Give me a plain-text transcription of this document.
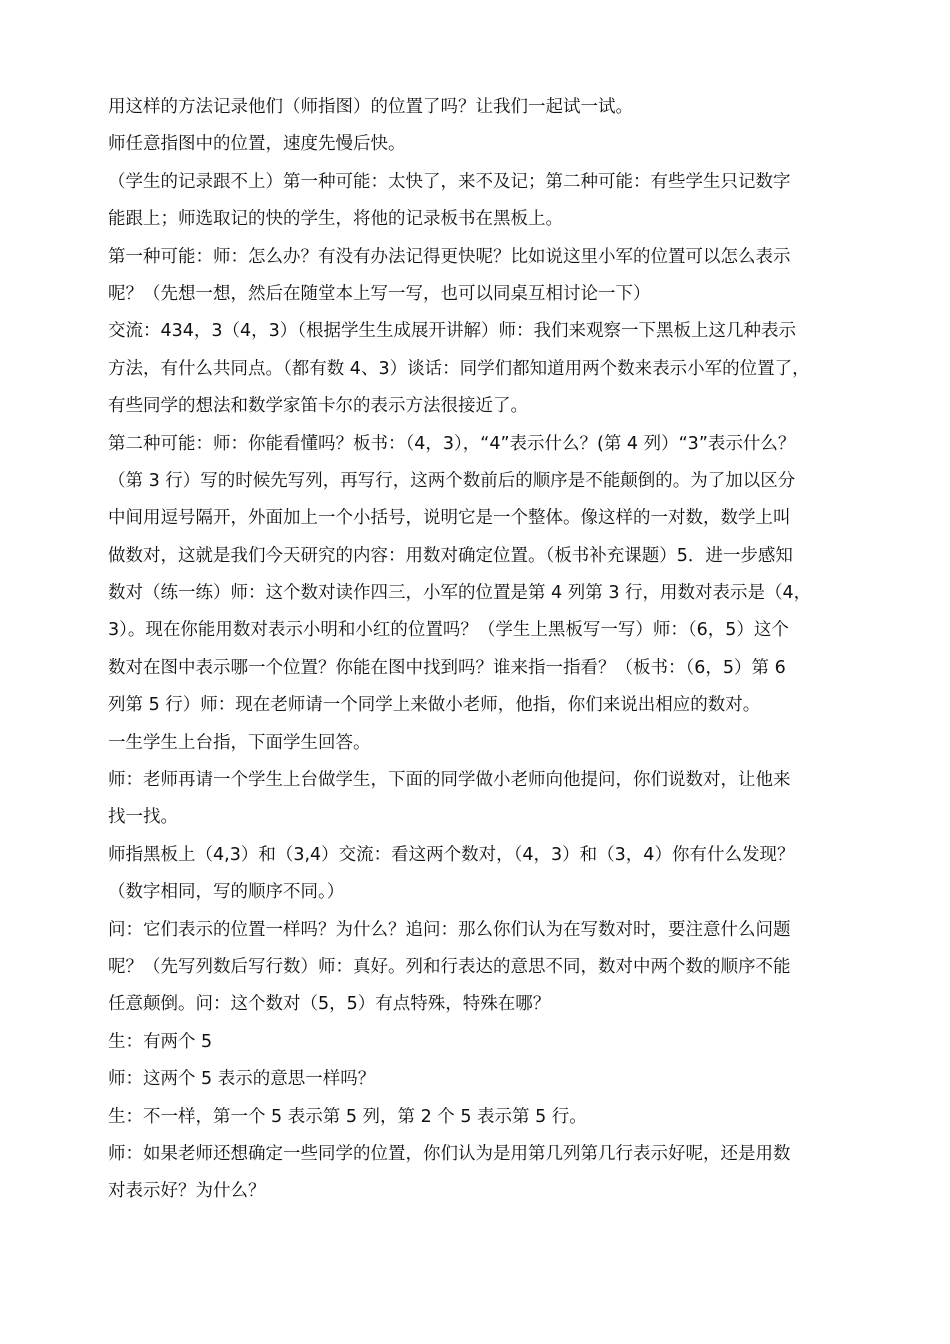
用这样的方法记录他们（师指图）的位置了吗？让我们一起试一试。
师任意指图中的位置，速度先慢后快。
（学生的记录跟不上）第一种可能：太快了，来不及记；第二种可能：有些学生只记数字
能跟上；师选取记的快的学生，将他的记录板书在黑板上。
第一种可能：师：怎么办？有没有办法记得更快呢？比如说这里小军的位置可以怎么表示
呢？（先想一想，然后在随堂本上写一写，也可以同桌互相讨论一下）
交流：434，3（4，3）（根据学生生成展开讲解）师：我们来观察一下黑板上这几种表示
方法，有什么共同点。（都有数 4、3）谈话：同学们都知道用两个数来表示小军的位置了，
有些同学的想法和数学家笛卡尔的表示方法很接近了。
第二种可能：师：你能看懂吗？板书：（4，3），“4”表示什么？(第 4 列）“3”表示什么？
（第 3 行）写的时候先写列，再写行，这两个数前后的顺序是不能颠倒的。为了加以区分
中间用逗号隔开，外面加上一个小括号，说明它是一个整体。像这样的一对数，数学上叫
做数对，这就是我们今天研究的内容：用数对确定位置。（板书补充课题）5．进一步感知
数对（练一练）师：这个数对读作四三，小军的位置是第 4 列第 3 行，用数对表示是（4，
3）。现在你能用数对表示小明和小红的位置吗？（学生上黑板写一写）师：（6，5）这个
数对在图中表示哪一个位置？你能在图中找到吗？谁来指一指看？（板书：（6，5）第 6
列第 5 行）师：现在老师请一个同学上来做小老师，他指，你们来说出相应的数对。
一生学生上台指，下面学生回答。
师：老师再请一个学生上台做学生，下面的同学做小老师向他提问，你们说数对，让他来
找一找。
师指黑板上（4,3）和（3,4）交流：看这两个数对，（4，3）和（3，4）你有什么发现？
（数字相同，写的顺序不同。）
问：它们表示的位置一样吗？为什么？追问：那么你们认为在写数对时，要注意什么问题
呢？（先写列数后写行数）师：真好。列和行表达的意思不同，数对中两个数的顺序不能
任意颠倒。问：这个数对（5，5）有点特殊，特殊在哪？
生：有两个 5
师：这两个 5 表示的意思一样吗？
生：不一样，第一个 5 表示第 5 列，第 2 个 5 表示第 5 行。
师：如果老师还想确定一些同学的位置，你们认为是用第几列第几行表示好呢，还是用数
对表示好？为什么？
